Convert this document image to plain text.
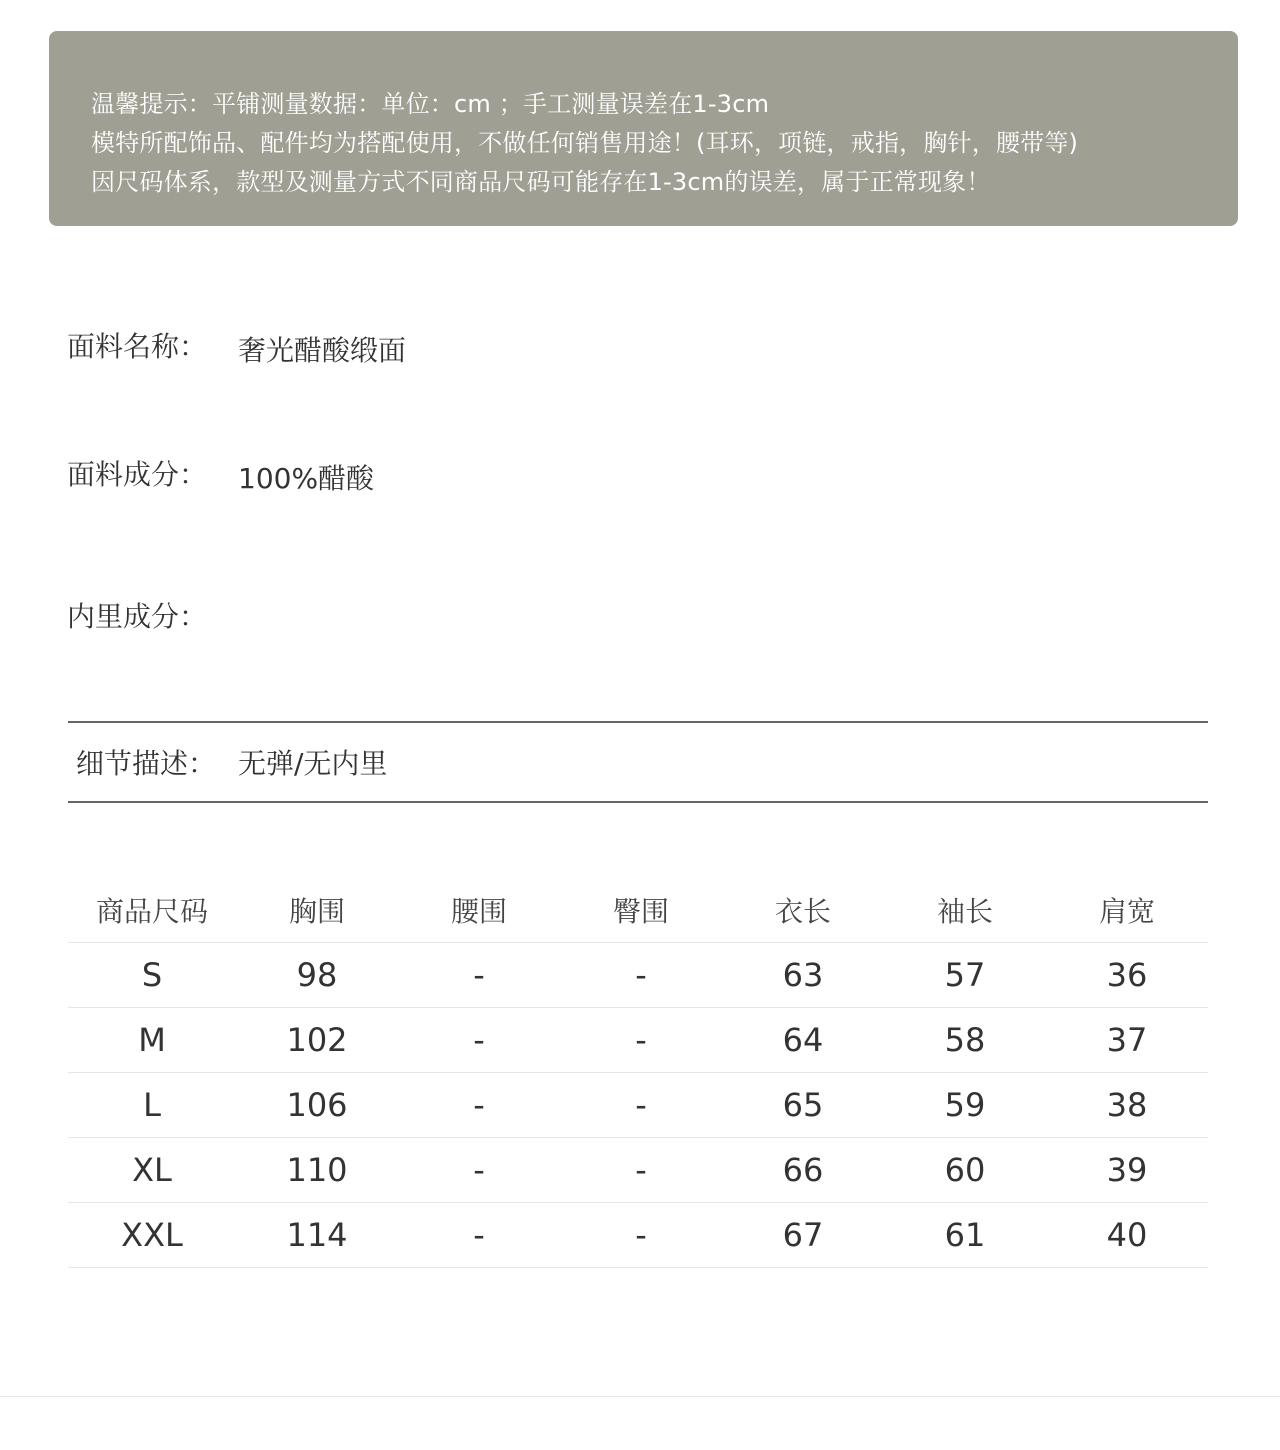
温馨提示：平铺测量数据：单位：cm ；手工测量误差在1-3cm
模特所配饰品、配件均为搭配使用，不做任何销售用途！(耳环，项链，戒指，胸针，腰带等)
因尺码体系，款型及测量方式不同商品尺码可能存在1-3cm的误差，属于正常现象！
面料名称： 奢光醋酸缎面
面料成分： 100%醋酸
内里成分：
细节描述： 无弹/无内里
商品尺码	胸围	腰围	臀围	衣长	袖长	肩宽
S	98	-	-	63	57	36
M	102	-	-	64	58	37
L	106	-	-	65	59	38
XL	110	-	-	66	60	39
XXL	114	-	-	67	61	40
